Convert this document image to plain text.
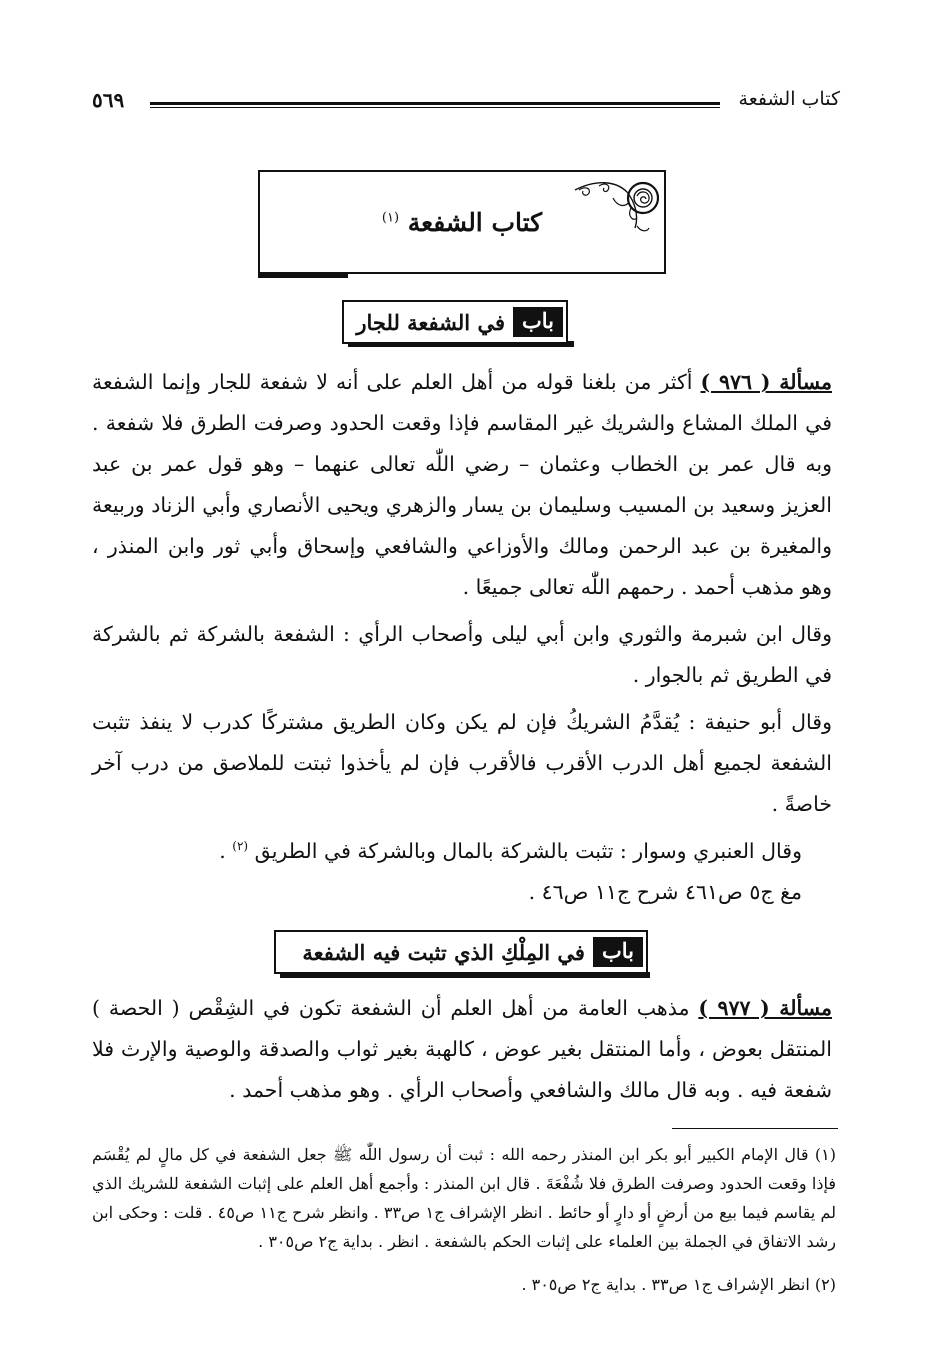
كتاب الشفعة
٥٦٩
كتاب الشفعة $^{(١)}$
باب
في الشفعة للجار
مسألة ( ٩٧٦ ) أكثر من بلغنا قوله من أهل العلم على أنه لا شفعة للجار وإنما الشفعة في الملك المشاع والشريك غير المقاسم فإذا وقعت الحدود وصرفت الطرق فلا شفعة . وبه قال عمر بن الخطاب وعثمان – رضي اللّٰه تعالى عنهما – وهو قول عمر بن عبد العزيز وسعيد بن المسيب وسليمان بن يسار والزهري ويحيى الأنصاري وأبي الزناد وربيعة والمغيرة بن عبد الرحمن ومالك والأوزاعي والشافعي وإسحاق وأبي ثور وابن المنذر ، وهو مذهب أحمد . رحمهم اللّٰه تعالى جميعًا .
وقال ابن شبرمة والثوري وابن أبي ليلى وأصحاب الرأي : الشفعة بالشركة ثم بالشركة في الطريق ثم بالجوار .
وقال أبو حنيفة : يُقدَّمُ الشريكُ فإن لم يكن وكان الطريق مشتركًا كدرب لا ينفذ تثبت الشفعة لجميع أهل الدرب الأقرب فالأقرب فإن لم يأخذوا ثبتت للملاصق من درب آخر خاصةً .
وقال العنبري وسوار : تثبت بالشركة بالمال وبالشركة في الطريق $^{(٢)}$ .
مغ ج٥ ص٤٦١ شرح ج١١ ص٤٦ .
باب
في المِلْكِ الذي تثبت فيه الشفعة
مسألة ( ٩٧٧ ) مذهب العامة من أهل العلم أن الشفعة تكون في الشِقْص ( الحصة ) المنتقل بعوض ، وأما المنتقل بغير عوض ، كالهبة بغير ثواب والصدقة والوصية والإرث فلا شفعة فيه . وبه قال مالك والشافعي وأصحاب الرأي . وهو مذهب أحمد .
(١) قال الإمام الكبير أبو بكر ابن المنذر رحمه الله : ثبت أن رسول اللّٰه ﷺ جعل الشفعة في كل مالٍ لم يُقْسَم فإذا وقعت الحدود وصرفت الطرق فلا شُفْعَةَ . قال ابن المنذر : وأجمع أهل العلم على إثبات الشفعة للشريك الذي لم يقاسم فيما بيع من أرضٍ أو دارٍ أو حائط . انظر الإشراف ج١ ص٣٣ . وانظر شرح ج١١ ص٤٥ . قلت : وحكى ابن رشد الاتفاق في الجملة بين العلماء على إثبات الحكم بالشفعة . انظر . بداية ج٢ ص٣٠٥ .
(٢) انظر الإشراف ج١ ص٣٣ . بداية ج٢ ص٣٠٥ .
